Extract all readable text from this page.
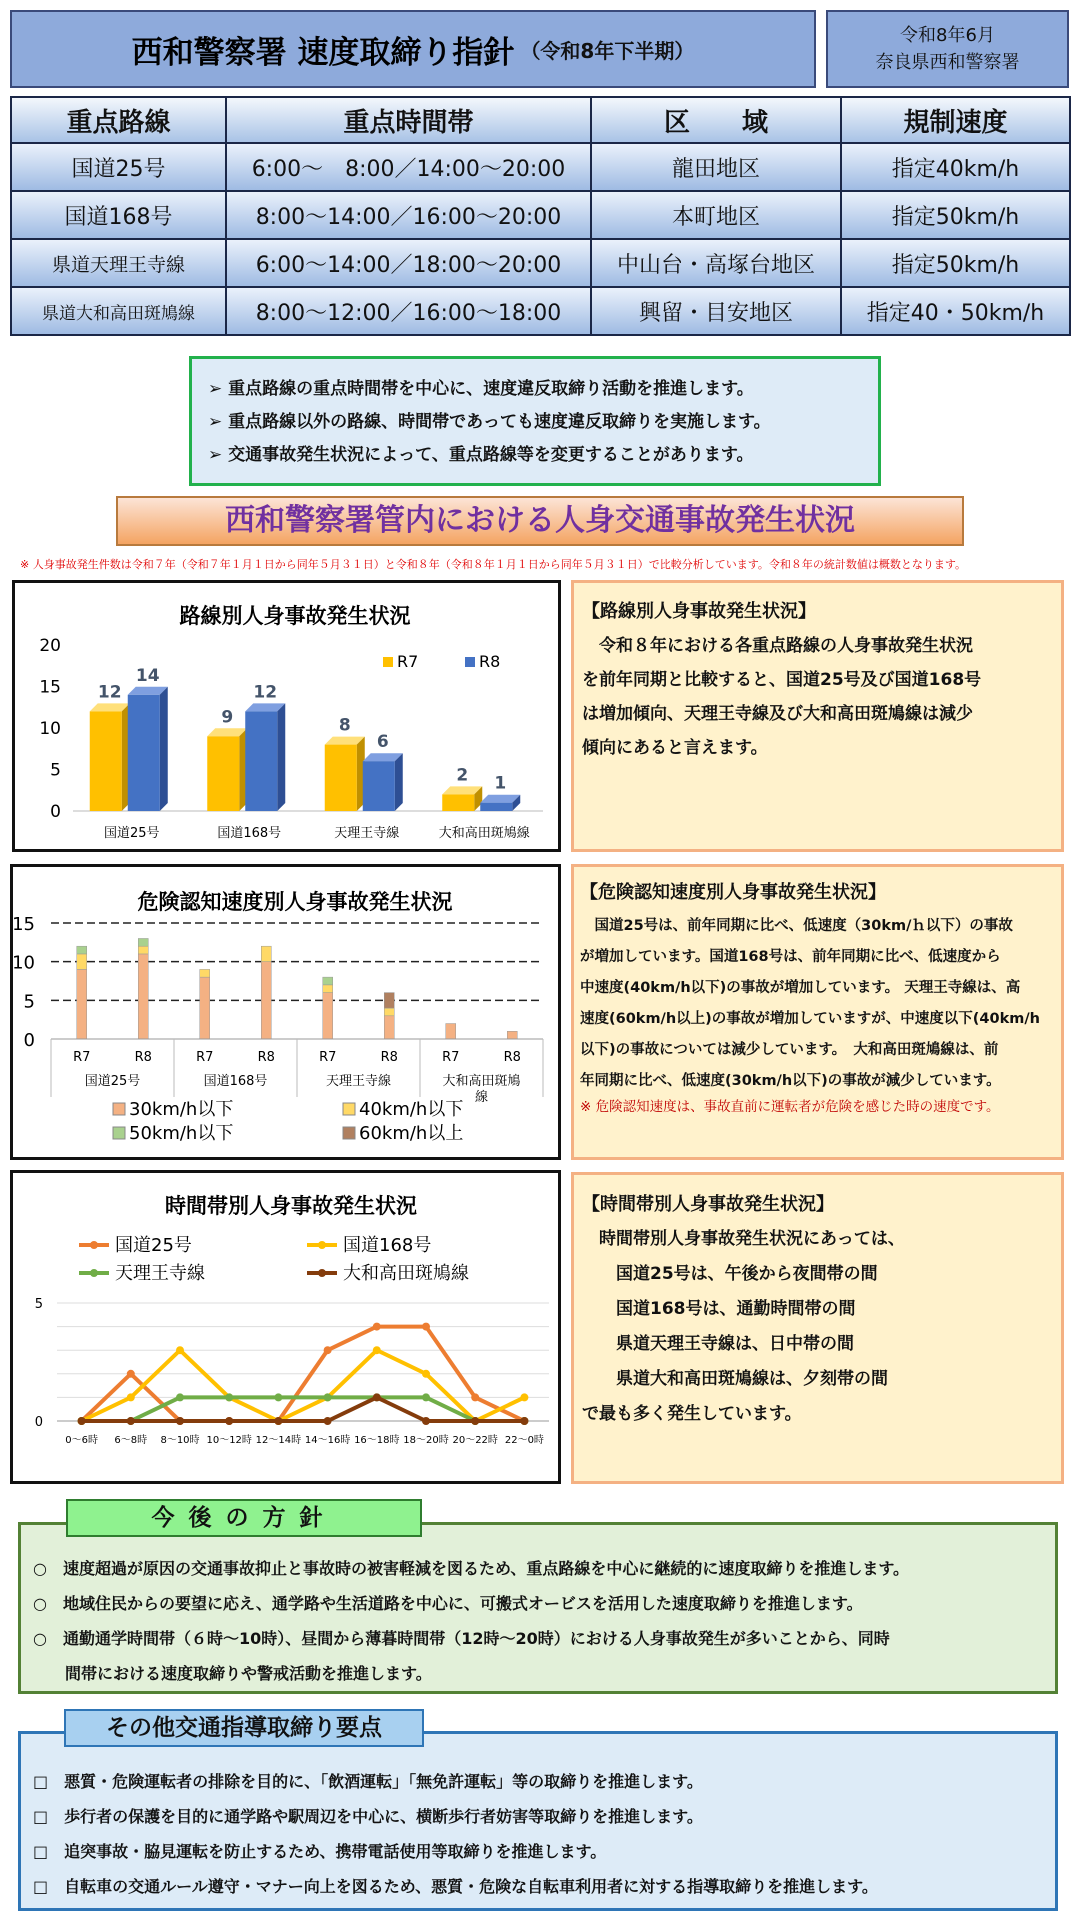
西和警察署 速度取締り指針 （令和8年下半期）
令和8年6月
奈良県西和警察署
重点路線	重点時間帯	区　　域	規制速度
国道25号	6:00～　8:00／14:00～20:00	龍田地区	指定40km/h
国道168号	8:00～14:00／16:00～20:00	本町地区	指定50km/h
県道天理王寺線	6:00～14:00／18:00～20:00	中山台・高塚台地区	指定50km/h
県道大和高田斑鳩線	8:00～12:00／16:00～18:00	興留・目安地区	指定40・50km/h
➢ 重点路線の重点時間帯を中心に、速度違反取締り活動を推進します。
➢ 重点路線以外の路線、時間帯であっても速度違反取締りを実施します。
➢ 交通事故発生状況によって、重点路線等を変更することがあります。
西和警察署管内における人身交通事故発生状況
※ 人身事故発生件数は令和７年（令和７年１月１日から同年５月３１日）と令和８年（令和８年１月１日から同年５月３１日）で比較分析しています。令和８年の統計数値は概数となります。
路線別人身事故発生状況
0
5
10
15
20
12
14
国道25号
9
12
国道168号
8
6
天理王寺線
2 1
大和高田斑鳩線
R7	R8
【路線別人身事故発生状況】
　令和８年における各重点路線の人身事故発生状況
を前年同期と比較すると、国道25号及び国道168号
は増加傾向、天理王寺線及び大和高田斑鳩線は減少
傾向にあると言えます。
危険認知速度別人身事故発生状況
0
5
10
15
R7	R8	R7	R8	R7	R8	R7	R8
国道25号	国道168号	天理王寺線	大和高田斑鳩
線
30km/h以下	40km/h以下
50km/h以下	60km/h以上
【危険認知速度別人身事故発生状況】
　国道25号は、前年同期に比べ、低速度（30km/ｈ以下）の事故
が増加しています。国道168号は、前年同期に比べ、低速度から
中速度(40km/h以下)の事故が増加しています。 天理王寺線は、高
速度(60km/h以上)の事故が増加していますが、中速度以下(40km/h
以下)の事故については減少しています。　大和高田斑鳩線は、前
年同期に比べ、低速度(30km/h以下)の事故が減少しています。
※ 危険認知速度は、事故直前に運転者が危険を感じた時の速度です。
時間帯別人身事故発生状況
0
5
0～6時 6～8時 8～10時 10～12時 12～14時 14～16時 16～18時 18～20時 20～22時 22～0時
国道25号	国道168号
天理王寺線	大和高田斑鳩線
【時間帯別人身事故発生状況】
　時間帯別人身事故発生状況にあっては、
　　国道25号は、午後から夜間帯の間
　　国道168号は、通勤時間帯の間
　　県道天理王寺線は、日中帯の間
　　県道大和高田斑鳩線は、夕刻帯の間
で最も多く発生しています。
○　速度超過が原因の交通事故抑止と事故時の被害軽減を図るため、重点路線を中心に継続的に速度取締りを推進します。
○　地域住民からの要望に応え、通学路や生活道路を中心に、可搬式オービスを活用した速度取締りを推進します。
○　通勤通学時間帯（６時～10時）、昼間から薄暮時間帯（12時～20時）における人身事故発生が多いことから、同時
　　間帯における速度取締りや警戒活動を推進します。
今後の方針
□　悪質・危険運転者の排除を目的に、「飲酒運転」「無免許運転」等の取締りを推進します。
□　歩行者の保護を目的に通学路や駅周辺を中心に、横断歩行者妨害等取締りを推進します。
□　追突事故・脇見運転を防止するため、携帯電話使用等取締りを推進します。
□　自転車の交通ルール遵守・マナー向上を図るため、悪質・危険な自転車利用者に対する指導取締りを推進します。
その他交通指導取締り要点
